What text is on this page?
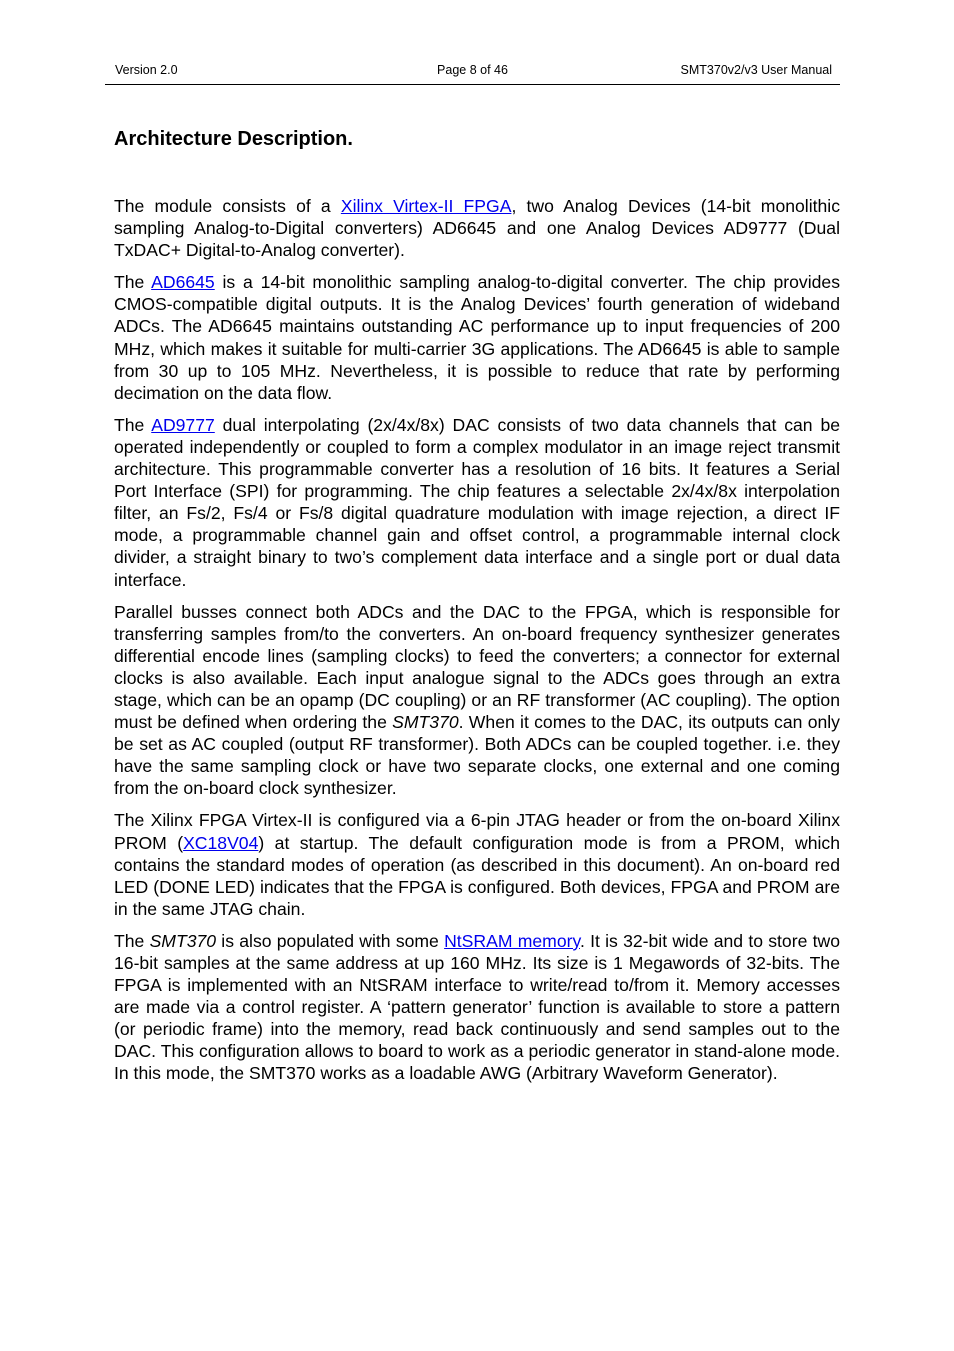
Version 2.0	Page 8 of 46	SMT370v2/v3 User Manual
Architecture Description.

The module consists of a Xilinx Virtex-II FPGA, two Analog Devices (14-bit monolithic sampling Analog-to-Digital converters) AD6645 and one Analog Devices AD9777 (Dual TxDAC+ Digital-to-Analog converter).

The AD6645 is a 14-bit monolithic sampling analog-to-digital converter. The chip provides CMOS-compatible digital outputs. It is the Analog Devices’ fourth generation of wideband ADCs. The AD6645 maintains outstanding AC performance up to input frequencies of 200 MHz, which makes it suitable for multi-carrier 3G applications. The AD6645 is able to sample from 30 up to 105 MHz. Nevertheless, it is possible to reduce that rate by performing decimation on the data flow.

The AD9777 dual interpolating (2x/4x/8x) DAC consists of two data channels that can be operated independently or coupled to form a complex modulator in an image reject transmit architecture. This programmable converter has a resolution of 16 bits. It features a Serial Port Interface (SPI) for programming. The chip features a selectable 2x/4x/8x interpolation filter, an Fs/2, Fs/4 or Fs/8 digital quadrature modulation with image rejection, a direct IF mode, a programmable channel gain and offset control, a programmable internal clock divider, a straight binary to two’s complement data interface and a single port or dual data interface.

Parallel busses connect both ADCs and the DAC to the FPGA, which is responsible for transferring samples from/to the converters. An on-board frequency synthesizer generates differential encode lines (sampling clocks) to feed the converters; a connector for external clocks is also available. Each input analogue signal to the ADCs goes through an extra stage, which can be an opamp (DC coupling) or an RF transformer (AC coupling). The option must be defined when ordering the SMT370. When it comes to the DAC, its outputs can only be set as AC coupled (output RF transformer). Both ADCs can be coupled together. i.e. they have the same sampling clock or have two separate clocks, one external and one coming from the on-board clock synthesizer.

The Xilinx FPGA Virtex-II is configured via a 6-pin JTAG header or from the on-board Xilinx PROM (XC18V04) at startup. The default configuration mode is from a PROM, which contains the standard modes of operation (as described in this document). An on-board red LED (DONE LED) indicates that the FPGA is configured. Both devices, FPGA and PROM are in the same JTAG chain.

The SMT370 is also populated with some NtSRAM memory. It is 32-bit wide and to store two 16-bit samples at the same address at up 160 MHz. Its size is 1 Megawords of 32-bits. The FPGA is implemented with an NtSRAM interface to write/read to/from it. Memory accesses are made via a control register. A ‘pattern generator’ function is available to store a pattern (or periodic frame) into the memory, read back continuously and send samples out to the DAC. This configuration allows to board to work as a periodic generator in stand-alone mode. In this mode, the SMT370 works as a loadable AWG (Arbitrary Waveform Generator).
